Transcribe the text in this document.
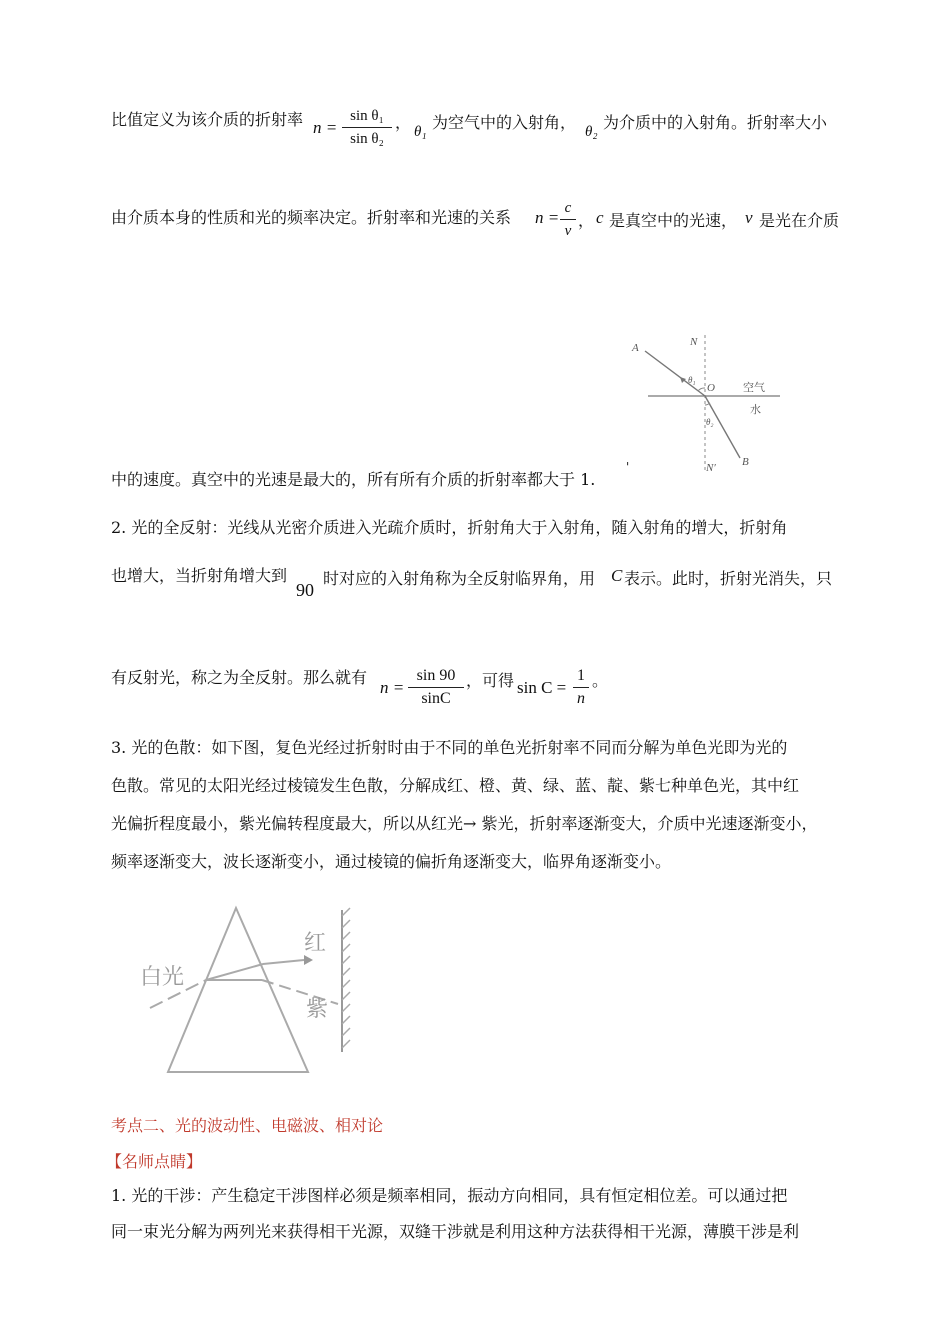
比值定义为该介质的折射率 n =
sin θ₁
sin θ₂
， θ₁ 为空气中的入射角， θ₂ 为介质中的入射角。折射率大小
由介质本身的性质和光的频率决定。折射率和光速的关系 n = c
v
， c 是真空中的光速， v 是光在介质
A	N
O
θ₁
空气
水
θ₂
N′ B
中的速度。真空中的光速是最大的，所有所有介质的折射率都大于 1.
'
2. 光的全反射：光线从光密介质进入光疏介质时，折射角大于入射角，随入射角的增大，折射角
也增大，当折射角增大到
90
时对应的入射角称为全反射临界角，用 C 表示。此时，折射光消失，只
有反射光，称之为全反射。那么就有
n =
sin 90
sinC
，可得 sin C =
1
n
。
3. 光的色散：如下图，复色光经过折射时由于不同的单色光折射率不同而分解为单色光即为光的
色散。常见的太阳光经过棱镜发生色散，分解成红、橙、黄、绿、蓝、靛、紫七种单色光，其中红
光偏折程度最小，紫光偏转程度最大，所以从红光→ 紫光，折射率逐渐变大，介质中光速逐渐变小，
频率逐渐变大，波长逐渐变小，通过棱镜的偏折角逐渐变大，临界角逐渐变小。
白光
红
紫
考点二、光的波动性、电磁波、相对论
【名师点睛】
1. 光的干涉：产生稳定干涉图样必须是频率相同，振动方向相同，具有恒定相位差。可以通过把
同一束光分解为两列光来获得相干光源，双缝干涉就是利用这种方法获得相干光源，薄膜干涉是利
